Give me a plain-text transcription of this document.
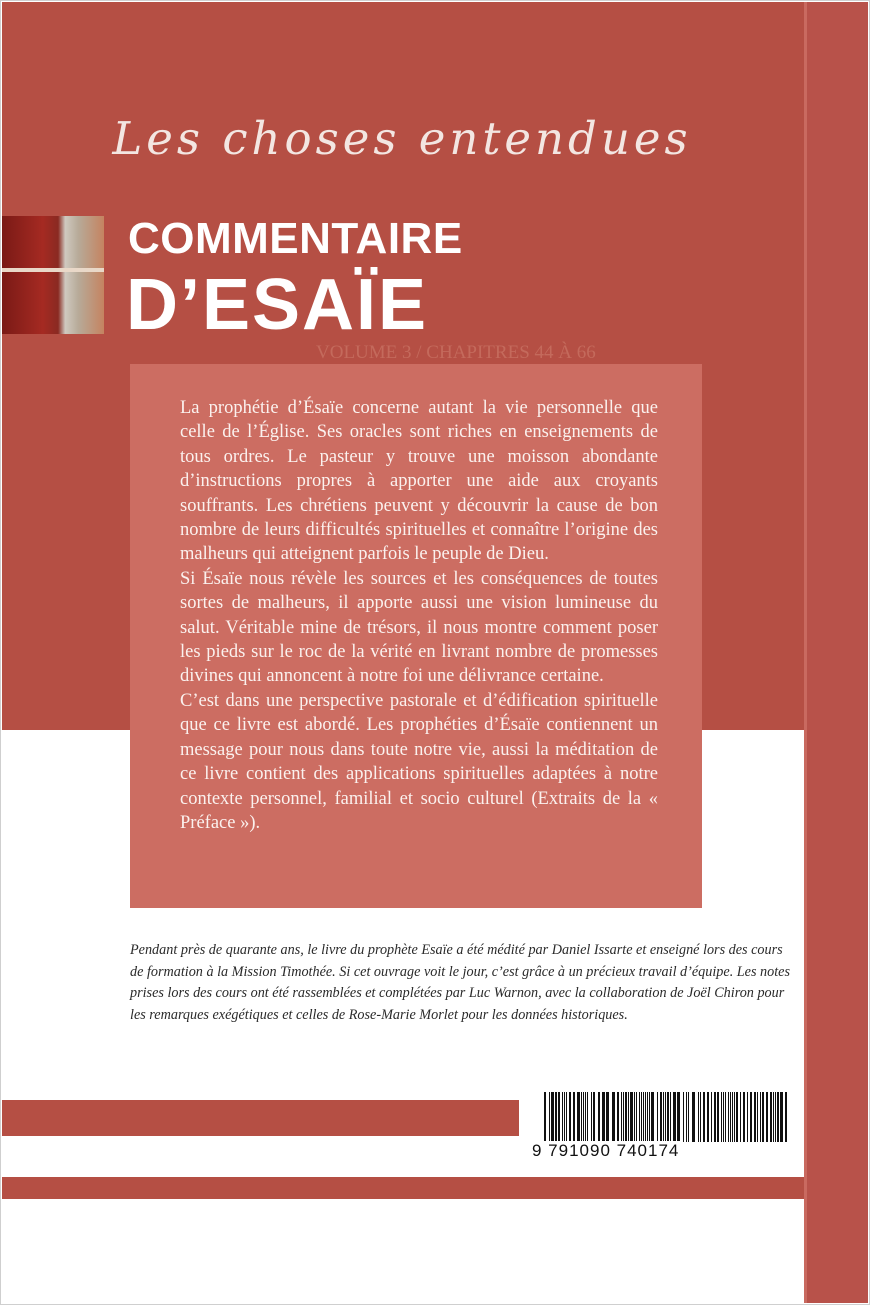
Les choses entendues
COMMENTAIRE
D’ESAÏE
VOLUME 3 / CHAPITRES 44 À 66

La prophétie d’Ésaïe concerne autant la vie personnelle que celle de l’Église. Ses oracles sont riches en enseignements de tous ordres. Le pasteur y trouve une moisson abondante d’instructions propres à apporter une aide aux croyants souffrants. Les chrétiens peuvent y découvrir la cause de bon nombre de leurs difficultés spirituelles et connaître l’origine des malheurs qui atteignent parfois le peuple de Dieu.

Si Ésaïe nous révèle les sources et les conséquences de toutes sortes de malheurs, il apporte aussi une vision lumineuse du salut. Véritable mine de trésors, il nous montre comment poser les pieds sur le roc de la vérité en livrant nombre de promesses divines qui annoncent à notre foi une délivrance certaine.

C’est dans une perspective pastorale et d’édification spirituelle que ce livre est abordé. Les prophéties d’Ésaïe contiennent un message pour nous dans toute notre vie, aussi la méditation de ce livre contient des applications spirituelles adaptées à notre contexte personnel, familial et socio culturel (Extraits de la « Préface »).

Pendant près de quarante ans, le livre du prophète Esaïe a été médité par Daniel Issarte et enseigné lors des cours de formation à la Mission Timothée. Si cet ouvrage voit le jour, c’est grâce à un précieux travail d’équipe. Les notes prises lors des cours ont été rassemblées et complétées par Luc Warnon, avec la collaboration de Joël Chiron pour les remarques exégétiques et celles de Rose-Marie Morlet pour les données historiques.

9 791090 740174
